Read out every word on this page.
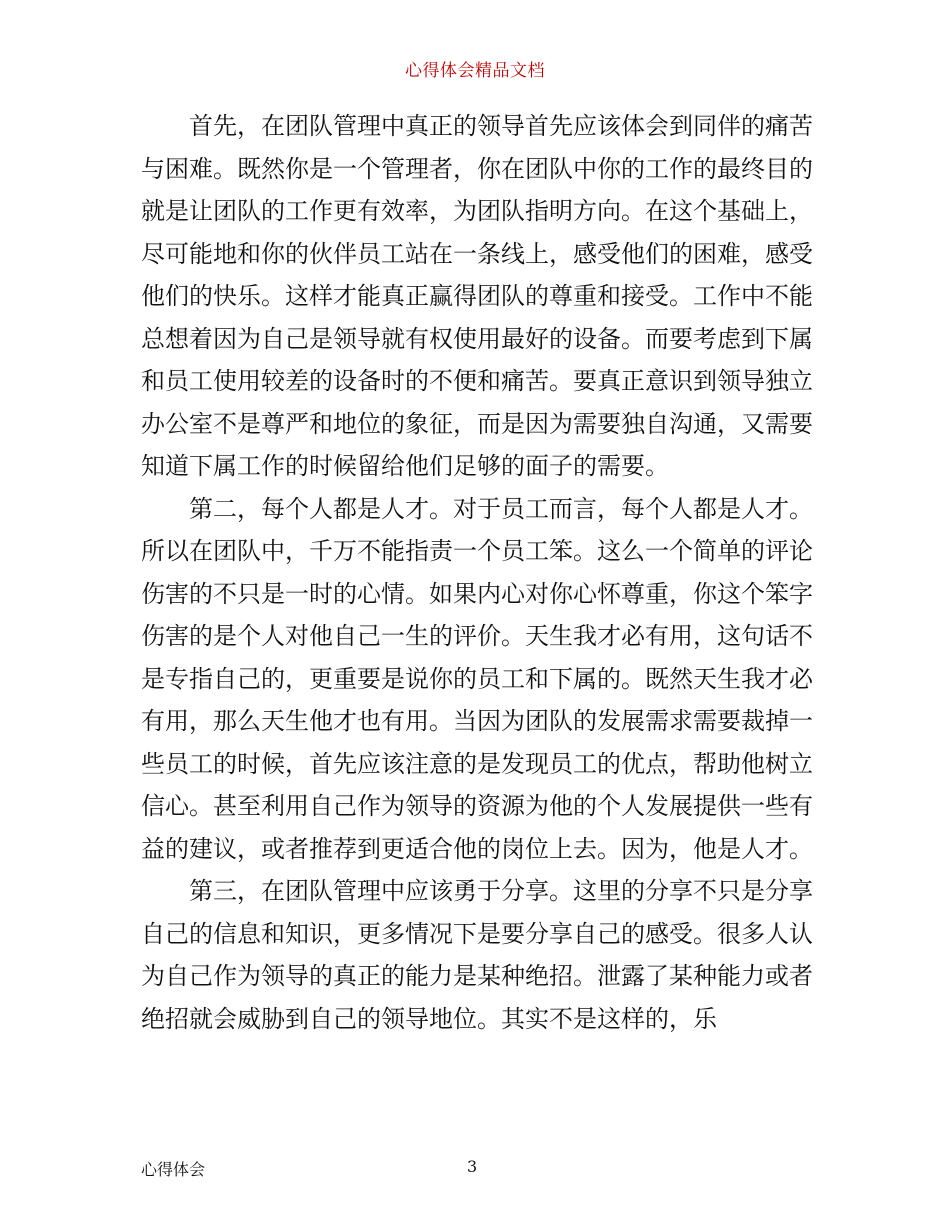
心得体会精品文档

首先，在团队管理中真正的领导首先应该体会到同伴的痛苦与困难。既然你是一个管理者，你在团队中你的工作的最终目的就是让团队的工作更有效率，为团队指明方向。在这个基础上，尽可能地和你的伙伴员工站在一条线上，感受他们的困难，感受他们的快乐。这样才能真正赢得团队的尊重和接受。工作中不能总想着因为自己是领导就有权使用最好的设备。而要考虑到下属和员工使用较差的设备时的不便和痛苦。要真正意识到领导独立办公室不是尊严和地位的象征，而是因为需要独自沟通，又需要知道下属工作的时候留给他们足够的面子的需要。

第二，每个人都是人才。对于员工而言，每个人都是人才。所以在团队中，千万不能指责一个员工笨。这么一个简单的评论伤害的不只是一时的心情。如果内心对你心怀尊重，你这个笨字伤害的是个人对他自己一生的评价。天生我才必有用，这句话不是专指自己的，更重要是说你的员工和下属的。既然天生我才必有用，那么天生他才也有用。当因为团队的发展需求需要裁掉一些员工的时候，首先应该注意的是发现员工的优点，帮助他树立信心。甚至利用自己作为领导的资源为他的个人发展提供一些有益的建议，或者推荐到更适合他的岗位上去。因为，他是人才。

第三，在团队管理中应该勇于分享。这里的分享不只是分享自己的信息和知识，更多情况下是要分享自己的感受。很多人认为自己作为领导的真正的能力是某种绝招。泄露了某种能力或者绝招就会威胁到自己的领导地位。其实不是这样的，乐

心得体会	3
